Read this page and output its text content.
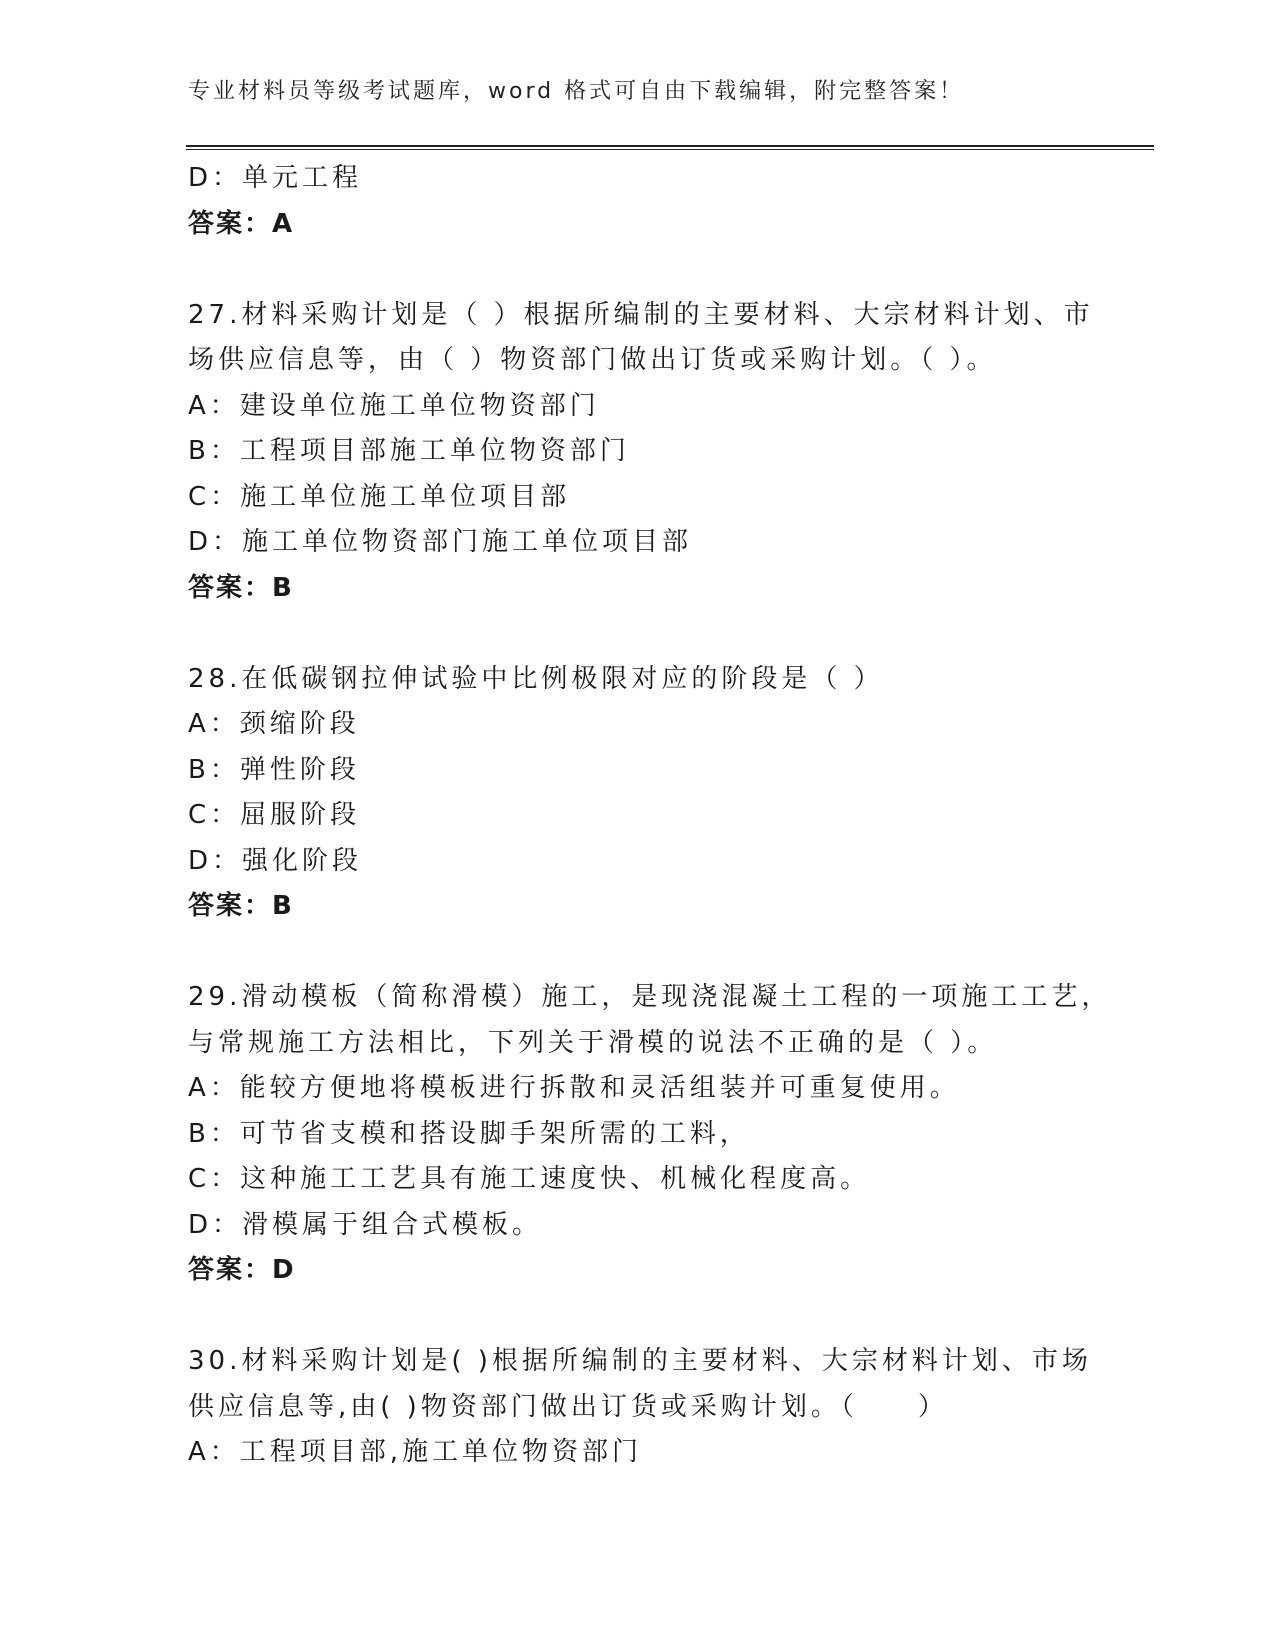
专业材料员等级考试题库，word 格式可自由下载编辑，附完整答案！
D：单元工程
答案：A
27.材料采购计划是（ ）根据所编制的主要材料、大宗材料计划、市
场供应信息等，由（ ）物资部门做出订货或采购计划。（ ）。
A：建设单位施工单位物资部门
B：工程项目部施工单位物资部门
C：施工单位施工单位项目部
D：施工单位物资部门施工单位项目部
答案：B
28.在低碳钢拉伸试验中比例极限对应的阶段是（ ）
A：颈缩阶段
B：弹性阶段
C：屈服阶段
D：强化阶段
答案：B
29.滑动模板（简称滑模）施工，是现浇混凝土工程的一项施工工艺，
与常规施工方法相比，下列关于滑模的说法不正确的是（ ）。
A：能较方便地将模板进行拆散和灵活组装并可重复使用。
B：可节省支模和搭设脚手架所需的工料，
C：这种施工工艺具有施工速度快、机械化程度高。
D：滑模属于组合式模板。
答案：D
30.材料采购计划是( )根据所编制的主要材料、大宗材料计划、市场
供应信息等,由( )物资部门做出订货或采购计划。（　　）
A：工程项目部,施工单位物资部门
